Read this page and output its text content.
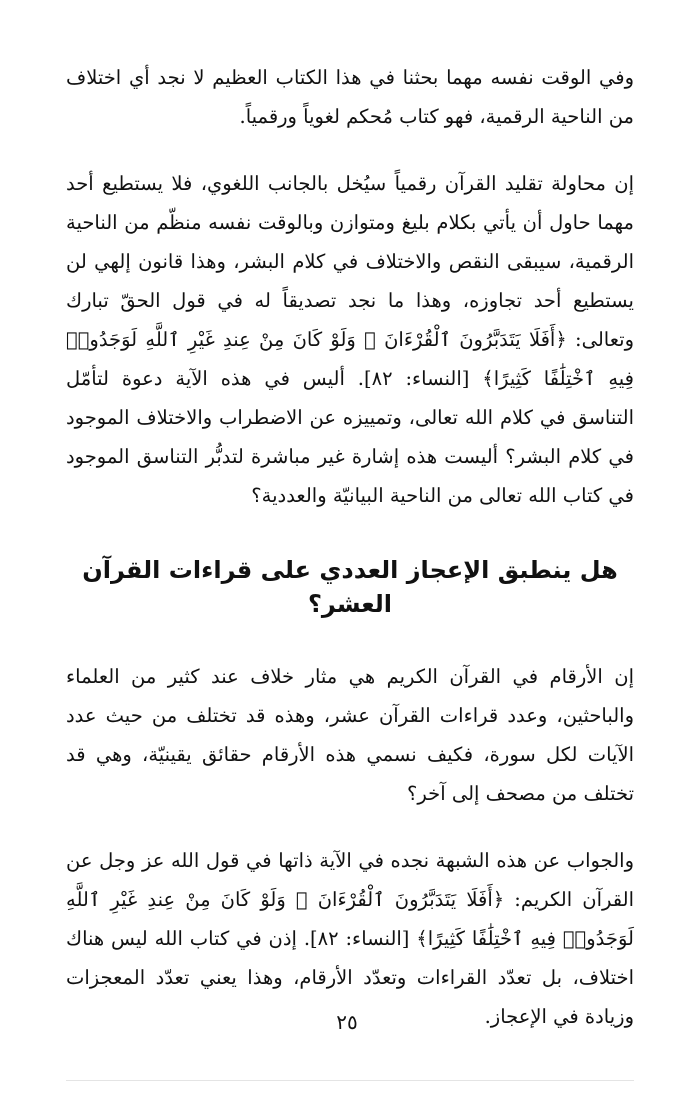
وفي الوقت نفسه مهما بحثنا في هذا الكتاب العظيم لا نجد أي اختلاف من الناحية الرقمية، فهو كتاب مُحكم لغوياً ورقمياً.

إن محاولة تقليد القرآن رقمياً سيُخل بالجانب اللغوي، فلا يستطيع أحد مهما حاول أن يأتي بكلام بليغ ومتوازن وبالوقت نفسه منظّم من الناحية الرقمية، سيبقى النقص والاختلاف في كلام البشر، وهذا قانون إلهي لن يستطيع أحد تجاوزه، وهذا ما نجد تصديقاً له في قول الحقّ تبارك وتعالى: ﴿أَفَلَا يَتَدَبَّرُونَ ٱلْقُرْءَانَ ۚ وَلَوْ كَانَ مِنْ عِندِ غَيْرِ ٱللَّهِ لَوَجَدُوا۟ فِيهِ ٱخْتِلَٰفًا كَثِيرًا﴾ [النساء: ٨٢]. أليس في هذه الآية دعوة لتأمّل التناسق في كلام الله تعالى، وتمييزه عن الاضطراب والاختلاف الموجود في كلام البشر؟ أليست هذه إشارة غير مباشرة لتدبُّر التناسق الموجود في كتاب الله تعالى من الناحية البيانيّة والعددية؟

هل ينطبق الإعجاز العددي على قراءات القرآن العشر؟

إن الأرقام في القرآن الكريم هي مثار خلاف عند كثير من العلماء والباحثين، وعدد قراءات القرآن عشر، وهذه قد تختلف من حيث عدد الآيات لكل سورة، فكيف نسمي هذه الأرقام حقائق يقينيّة، وهي قد تختلف من مصحف إلى آخر؟

والجواب عن هذه الشبهة نجده في الآية ذاتها في قول الله عز وجل عن القرآن الكريم: ﴿أَفَلَا يَتَدَبَّرُونَ ٱلْقُرْءَانَ ۚ وَلَوْ كَانَ مِنْ عِندِ غَيْرِ ٱللَّهِ لَوَجَدُوا۟ فِيهِ ٱخْتِلَٰفًا كَثِيرًا﴾ [النساء: ٨٢]. إذن في كتاب الله ليس هناك اختلاف، بل تعدّد القراءات وتعدّد الأرقام، وهذا يعني تعدّد المعجزات وزيادة في الإعجاز.

٢٥
